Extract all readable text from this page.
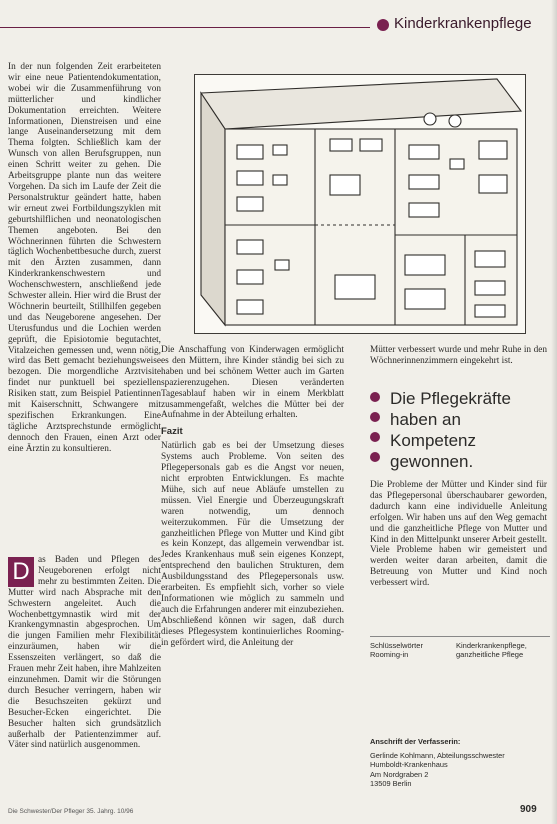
Kinderkrankenpflege

In der nun folgenden Zeit erarbeiteten wir eine neue Patientendokumentation, wobei wir die Zusammenführung von mütterlicher und kindlicher Dokumentation erreichten. Weitere Informationen, Dienstreisen und eine lange Auseinandersetzung mit dem Thema folgten. Schließlich kam der Wunsch von allen Berufsgruppen, nun einen Schritt weiter zu gehen. Die Arbeitsgruppe plante nun das weitere Vorgehen. Da sich im Laufe der Zeit die Personalstruktur geändert hatte, haben wir erneut zwei Fortbildungszyklen mit geburtshilflichen und neonatologischen Themen angeboten. Bei den Wöchnerinnen führten die Schwestern täglich Wochenbettbesuche durch, zuerst mit den Ärzten zusammen, dann Kinderkrankenschwestern und Wochenschwestern, anschließend jede Schwester allein. Hier wird die Brust der Wöchnerin beurteilt, Stillhilfen gegeben und das Neugeborene angesehen. Der Uterusfundus und die Lochien werden geprüft, die Episiotomie begutachtet, Vitalzeichen gemessen und, wenn nötig, wird das Bett gemacht beziehungsweise bezogen. Die morgendliche Arztvisite findet nur punktuell bei speziellen Risiken statt, zum Beispiel Patientinnen mit Kaiserschnitt, Schwangere mit spezifischen Erkrankungen. Eine tägliche Arztsprechstunde ermöglicht dennoch den Frauen, einen Arzt oder eine Ärztin zu konsultieren.

D as Baden und Pflegen des Neugeborenen erfolgt nicht mehr zu bestimmten Zeiten. Die Mutter wird nach Absprache mit den Schwestern angeleitet. Auch die Wochenbettgymnastik wird mit der Krankengymnastin abgesprochen. Um die jungen Familien mehr Flexibilität einzuräumen, haben wir die Essenszeiten verlängert, so daß die Frauen mehr Zeit haben, ihre Mahlzeiten einzunehmen. Damit wir die Störungen durch Besucher verringern, haben wir die Besuchszeiten gekürzt und Besucher-Ecken eingerichtet. Die Besucher halten sich grundsätzlich außerhalb der Patientenzimmer auf. Väter sind natürlich ausgenommen.

Die Anschaffung von Kinderwagen ermöglicht es den Müttern, ihre Kinder ständig bei sich zu haben und bei schönem Wetter auch im Garten spazierenzugehen. Diesen veränderten Tagesablauf haben wir in einem Merkblatt zusammengefaßt, welches die Mütter bei der Aufnahme in der Abteilung erhalten.

Fazit

Natürlich gab es bei der Umsetzung dieses Systems auch Probleme. Von seiten des Pflegepersonals gab es die Angst vor neuen, nicht erprobten Entwicklungen. Es machte Mühe, sich auf neue Abläufe umstellen zu müssen. Viel Energie und Überzeugungskraft waren notwendig, um dennoch weiterzukommen. Für die Umsetzung der ganzheitlichen Pflege von Mutter und Kind gibt es kein Konzept, das allgemein verwendbar ist. Jedes Krankenhaus muß sein eigenes Konzept, entsprechend den baulichen Strukturen, dem Ausbildungsstand des Pflegepersonals usw. erarbeiten. Es empfiehlt sich, vorher so viele Informationen wie möglich zu sammeln und auch die Erfahrungen anderer mit einzubeziehen. Abschließend können wir sagen, daß durch dieses Pflegesystem kontinuierliches Rooming-in gefördert wird, die Anleitung der

Mütter verbessert wurde und mehr Ruhe in den Wöchnerinnenzimmern eingekehrt ist.

Die Pflegekräfte haben an Kompetenz gewonnen.

Die Probleme der Mütter und Kinder sind für das Pflegepersonal überschaubarer geworden, dadurch kann eine individuelle Anleitung erfolgen. Wir haben uns auf den Weg gemacht und die ganzheitliche Pflege von Mutter und Kind in den Mittelpunkt unserer Arbeit gestellt. Viele Probleme haben wir gemeistert und werden weiter daran arbeiten, damit die Betreuung von Mutter und Kind noch verbessert wird.

Schlüsselwörter Rooming-in
Kinderkrankenpflege, ganzheitliche Pflege
Anschrift der Verfasserin:
Gerlinde Kohlmann, Abteilungsschwester
Humboldt-Krankenhaus
Am Nordgraben 2
13509 Berlin
Die Schwester/Der Pfleger 35. Jahrg. 10/96	909
